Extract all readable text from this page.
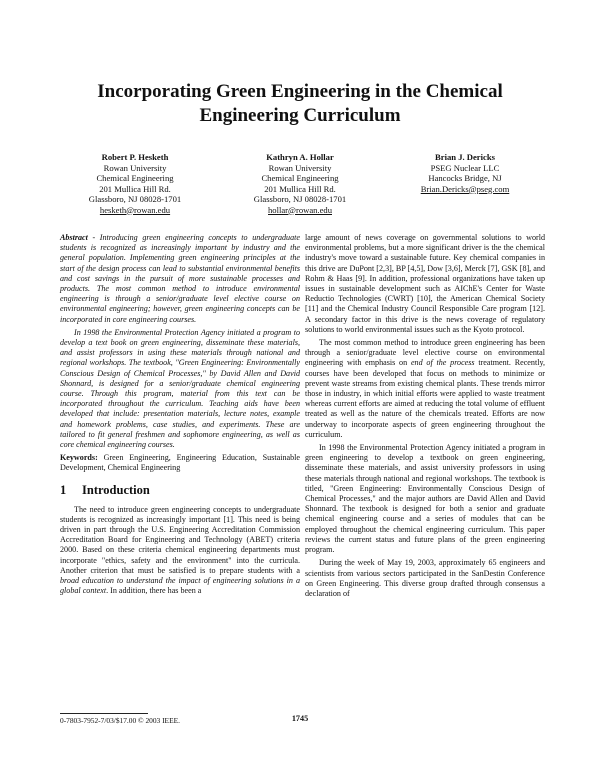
Incorporating Green Engineering in the Chemical Engineering Curriculum
Robert P. Hesketh
Rowan University
Chemical Engineering
201 Mullica Hill Rd.
Glassboro, NJ 08028-1701
hesketh@rowan.edu
Kathryn A. Hollar
Rowan University
Chemical Engineering
201 Mullica Hill Rd.
Glassboro, NJ 08028-1701
hollar@rowan.edu
Brian J. Dericks
PSEG Nuclear LLC
Hancocks Bridge, NJ
Brian.Dericks@pseg.com

Abstract - Introducing green engineering concepts to undergraduate students is recognized as increasingly important by industry and the general population. Implementing green engineering principles at the start of the design process can lead to substantial environmental benefits and cost savings in the pursuit of more sustainable processes and products. The most common method to introduce environmental engineering is through a senior/graduate level elective course on environmental engineering; however, green engineering concepts can be incorporated in core engineering courses.

In 1998 the Environmental Protection Agency initiated a program to develop a text book on green engineering, disseminate these materials, and assist professors in using these materials through national and regional workshops. The textbook, "Green Engineering: Environmentally Conscious Design of Chemical Processes," by David Allen and David Shonnard, is designed for a senior/graduate chemical engineering course. Through this program, material from this text can be incorporated throughout the curriculum. Teaching aids have been developed that include: presentation materials, lecture notes, example and homework problems, case studies, and experiments. These are tailored to fit general freshmen and sophomore engineering, as well as core chemical engineering courses.

Keywords: Green Engineering, Engineering Education, Sustainable Development, Chemical Engineering

1 Introduction

The need to introduce green engineering concepts to undergraduate students is recognized as increasingly important [1]. This need is being driven in part through the U.S. Engineering Accreditation Commission Accreditation Board for Engineering and Technology (ABET) criteria 2000. Based on these criteria chemical engineering departments must incorporate "ethics, safety and the environment" into the curricula. Another criterion that must be satisfied is to prepare students with a broad education to understand the impact of engineering solutions in a global context. In addition, there has been a

large amount of news coverage on governmental solutions to world environmental problems, but a more significant driver is the the chemical industry's move toward a sustainable future. Key chemical companies in this drive are DuPont [2,3], BP [4,5], Dow [3,6], Merck [7], GSK [8], and Rohm & Haas [9]. In addition, professional organizations have taken up issues in sustainable development such as AIChE's Center for Waste Reductio Technologies (CWRT) [10], the American Chemical Society [11] and the Chemical Industry Council Responsible Care program [12]. A secondary factor in this drive is the news coverage of regulatory solutions to world environmental issues such as the Kyoto protocol.

The most common method to introduce green engineering has been through a senior/graduate level elective course on environmental engineering with emphasis on end of the process treatment. Recently, courses have been developed that focus on methods to minimize or prevent waste streams from existing chemical plants. These trends mirror those in industry, in which initial efforts were applied to waste treatment whereas current efforts are aimed at reducing the total volume of effluent treated as well as the nature of the chemicals treated. Efforts are now underway to incorporate aspects of green engineering throughout the curriculum.

In 1998 the Environmental Protection Agency initiated a program in green engineering to develop a textbook on green engineering, disseminate these materials, and assist university professors in using these materials through national and regional workshops. The textbook is titled, "Green Engineering: Environmentally Conscious Design of Chemical Processes," and the major authors are David Allen and David Shonnard. The textbook is designed for both a senior and graduate chemical engineering course and a series of modules that can be employed throughout the chemical engineering curriculum. This paper reviews the current status and future plans of the green engineering program.

During the week of May 19, 2003, approximately 65 engineers and scientists from various sectors participated in the SanDestin Conference on Green Engineering. This diverse group drafted through consensus a declaration of

0-7803-7952-7/03/$17.00 © 2003 IEEE.	1745
